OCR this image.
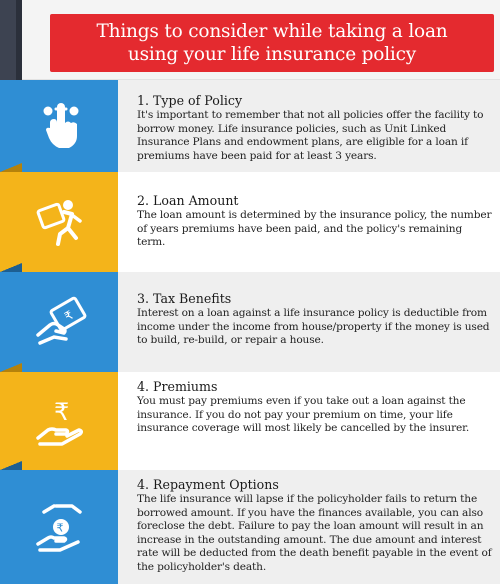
Things to consider while taking a loan
using your life insurance policy
1. Type of Policy

It's important to remember that not all policies offer the facility to borrow money. Life insurance policies, such as Unit Linked Insurance Plans and endowment plans, are eligible for a loan if premiums have been paid for at least 3 years.

2. Loan Amount

The loan amount is determined by the insurance policy, the number of years premiums have been paid, and the policy's remaining term.

₹
3. Tax Benefits

Interest on a loan against a life insurance policy is deductible from income under the income from house/property if the money is used to build, re-build, or repair a house.

₹
4. Premiums

You must pay premiums even if you take out a loan against the insurance. If you do not pay your premium on time, your life insurance coverage will most likely be cancelled by the insurer.

₹
4. Repayment Options

The life insurance will lapse if the policyholder fails to return the borrowed amount. If you have the finances available, you can also foreclose the debt. Failure to pay the loan amount will result in an increase in the outstanding amount. The due amount and interest rate will be deducted from the death benefit payable in the event of the policyholder's death.
